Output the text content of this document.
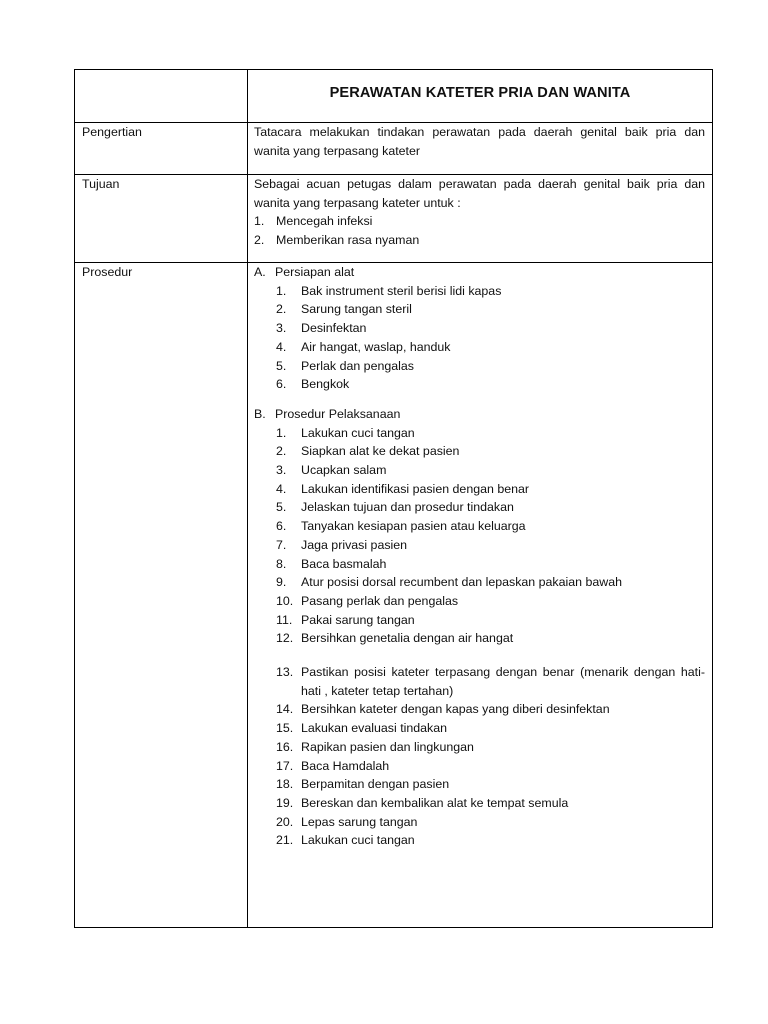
PERAWATAN KATETER PRIA DAN WANITA
Pengertian	Tatacara melakukan tindakan perawatan pada daerah genital baik pria dan
wanita yang terpasang kateter
Tujuan	Sebagai acuan petugas dalam perawatan pada daerah genital baik pria dan
wanita yang terpasang kateter untuk :
1. Mencegah infeksi
2. Memberikan rasa nyaman
Prosedur	A. Persiapan alat
1. Bak instrument steril berisi lidi kapas
2. Sarung tangan steril
3. Desinfektan
4. Air hangat, waslap, handuk
5. Perlak dan pengalas
6. Bengkok
B. Prosedur Pelaksanaan
1. Lakukan cuci tangan
2. Siapkan alat ke dekat pasien
3. Ucapkan salam
4. Lakukan identifikasi pasien dengan benar
5. Jelaskan tujuan dan prosedur tindakan
6. Tanyakan kesiapan pasien atau keluarga
7. Jaga privasi pasien
8. Baca basmalah
9. Atur posisi dorsal recumbent dan lepaskan pakaian bawah
10. Pasang perlak dan pengalas
11. Pakai sarung tangan
12. Bersihkan genetalia dengan air hangat
13. Pastikan posisi kateter terpasang dengan benar (menarik dengan hati-
hati , kateter tetap tertahan)
14. Bersihkan kateter dengan kapas yang diberi desinfektan
15. Lakukan evaluasi tindakan
16. Rapikan pasien dan lingkungan
17. Baca Hamdalah
18. Berpamitan dengan pasien
19. Bereskan dan kembalikan alat ke tempat semula
20. Lepas sarung tangan
21. Lakukan cuci tangan
